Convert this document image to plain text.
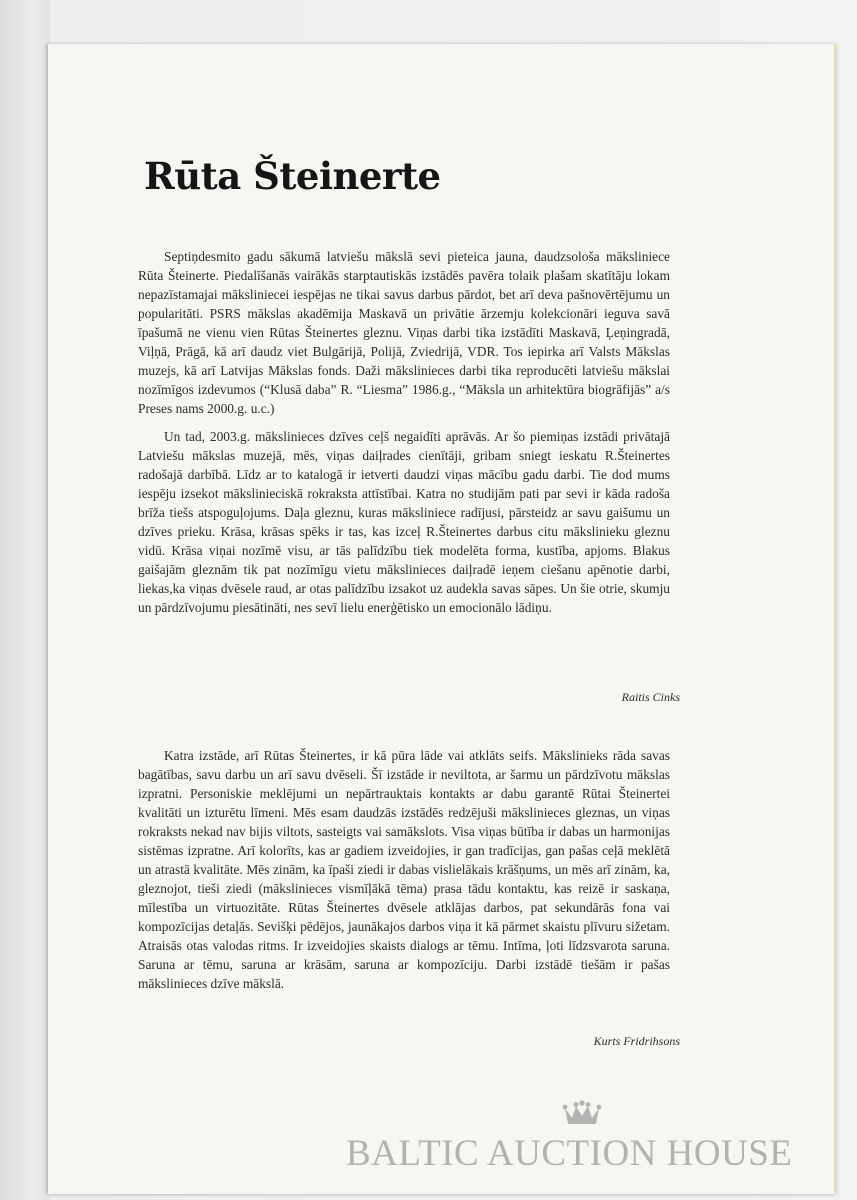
Rūta Šteinerte

Septiņdesmito gadu sākumā latviešu mākslā sevi pieteica jauna, daudzsološa māksliniece Rūta Šteinerte. Piedalīšanās vairākās starptautiskās izstādēs pavēra tolaik plašam skatītāju lokam nepazīstamajai māksliniecei iespējas ne tikai savus darbus pārdot, bet arī deva pašnovērtējumu un popularitāti. PSRS mākslas akadēmija Maskavā un privātie ārzemju kolekcionāri ieguva savā īpašumā ne vienu vien Rūtas Šteinertes gleznu. Viņas darbi tika izstādīti Maskavā, Ļeņingradā, Viļņā, Prāgā, kā arī daudz viet Bulgārijā, Polijā, Zviedrijā, VDR. Tos iepirka arī Valsts Mākslas muzejs, kā arī Latvijas Mākslas fonds. Daži mākslinieces darbi tika reproducēti latviešu mākslai nozīmīgos izdevumos (“Klusā daba” R. “Liesma” 1986.g., “Māksla un arhitektūra biogrāfijās” a/s Preses nams 2000.g. u.c.)

Un tad, 2003.g. mākslinieces dzīves ceļš negaidīti aprāvās. Ar šo piemiņas izstādi privātajā Latviešu mākslas muzejā, mēs, viņas daiļrades cienītāji, gribam sniegt ieskatu R.Šteinertes radošajā darbībā. Līdz ar to katalogā ir ietverti daudzi viņas mācību gadu darbi. Tie dod mums iespēju izsekot mākslinieciskā rokraksta attīstībai. Katra no studijām pati par sevi ir kāda radoša brīža tiešs atspoguļojums. Daļa gleznu, kuras māksliniece radījusi, pārsteidz ar savu gaišumu un dzīves prieku. Krāsa, krāsas spēks ir tas, kas izceļ R.Šteinertes darbus citu mākslinieku gleznu vidū. Krāsa viņai nozīmē visu, ar tās palīdzību tiek modelēta forma, kustība, apjoms. Blakus gaišajām gleznām tik pat nozīmīgu vietu mākslinieces daiļradē ieņem ciešanu apēnotie darbi, liekas,ka viņas dvēsele raud, ar otas palīdzību izsakot uz audekla savas sāpes. Un šie otrie, skumju un pārdzīvojumu piesātināti, nes sevī lielu enerģētisko un emocionālo lādiņu.

Raitis Cinks

Katra izstāde, arī Rūtas Šteinertes, ir kā pūra lāde vai atklāts seifs. Mākslinieks rāda savas bagātības, savu darbu un arī savu dvēseli. Šī izstāde ir neviltota, ar šarmu un pārdzīvotu mākslas izpratni. Personiskie meklējumi un nepārtrauktais kontakts ar dabu garantē Rūtai Šteinertei kvalitāti un izturētu līmeni. Mēs esam daudzās izstādēs redzējuši mākslinieces gleznas, un viņas rokraksts nekad nav bijis viltots, sasteigts vai samākslots. Visa viņas būtība ir dabas un harmonijas sistēmas izpratne. Arī kolorīts, kas ar gadiem izveidojies, ir gan tradīcijas, gan pašas ceļā meklētā un atrastā kvalitāte. Mēs zinām, ka īpaši ziedi ir dabas vislielākais krāšņums, un mēs arī zinām, ka, gleznojot, tieši ziedi (mākslinieces vismīļākā tēma) prasa tādu kontaktu, kas reizē ir saskaņa, mīlestība un virtuozitāte. Rūtas Šteinertes dvēsele atklājas darbos, pat sekundārās fona vai kompozīcijas detaļās. Sevišķi pēdējos, jaunākajos darbos viņa it kā pārmet skaistu plīvuru sižetam. Atraisās otas valodas ritms. Ir izveidojies skaists dialogs ar tēmu. Intīma, ļoti līdzsvarota saruna. Saruna ar tēmu, saruna ar krāsām, saruna ar kompozīciju. Darbi izstādē tiešām ir pašas mākslinieces dzīve mākslā.

Kurts Fridrihsons
BALTIC AUCTION HOUSE
